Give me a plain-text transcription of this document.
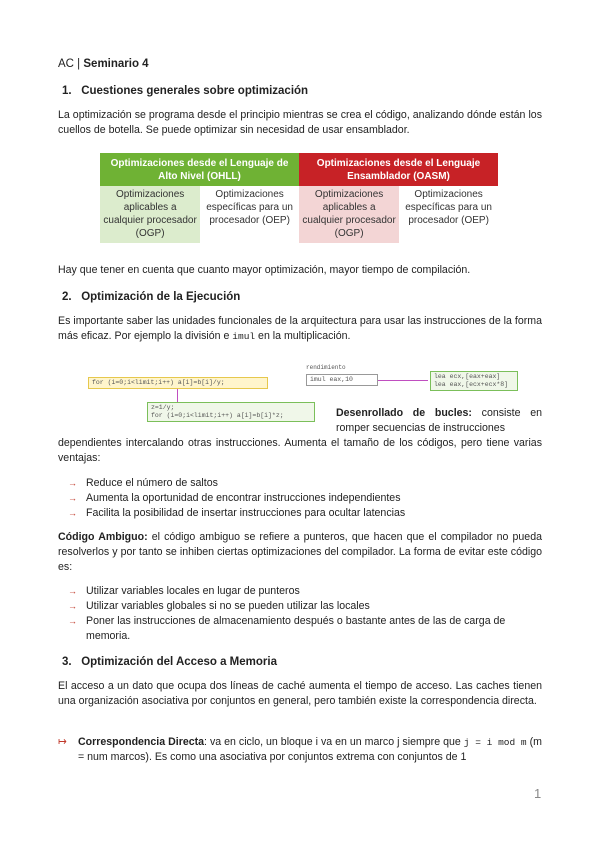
AC | Seminario 4
1. Cuestiones generales sobre optimización

La optimización se programa desde el principio mientras se crea el código, analizando dónde están los cuellos de botella. Se puede optimizar sin necesidad de usar ensamblador.

Optimizaciones desde el Lenguaje de Alto Nivel (OHLL)		Optimizaciones desde el Lenguaje Ensamblador (OASM)	
Optimizaciones aplicables a cualquier procesador (OGP)	Optimizaciones específicas para un procesador (OEP)	Optimizaciones aplicables a cualquier procesador (OGP)	Optimizaciones específicas para un procesador (OEP)

Hay que tener en cuenta que cuanto mayor optimización, mayor tiempo de compilación.

2. Optimización de la Ejecución

Es importante saber las unidades funcionales de la arquitectura para usar las instrucciones de la forma más eficaz. Por ejemplo la división e imul en la multiplicación.

for (i=0;i<limit;i++) a[i]=b[i]/y;
z=1/y;
for (i=0;i<limit;i++) a[i]=b[i]*z;
rendimiento
imul eax,10	lea ecx,[eax+eax]
lea eax,[ecx+ecx*8]

Desenrollado de bucles: consiste en romper secuencias de instrucciones

dependientes intercalando otras instrucciones. Aumenta el tamaño de los códigos, pero tiene varias ventajas:

→ Reduce el número de saltos
→ Aumenta la oportunidad de encontrar instrucciones independientes
→ Facilita la posibilidad de insertar instrucciones para ocultar latencias

Código Ambiguo: el código ambiguo se refiere a punteros, que hacen que el compilador no pueda resolverlos y por tanto se inhiben ciertas optimizaciones del compilador. La forma de evitar este código es:

→ Utilizar variables locales en lugar de punteros
→ Utilizar variables globales si no se pueden utilizar las locales
→ Poner las instrucciones de almacenamiento después o bastante antes de las de carga de memoria.
3. Optimización del Acceso a Memoria

El acceso a un dato que ocupa dos líneas de caché aumenta el tiempo de acceso. Las caches tienen una organización asociativa por conjuntos en general, pero también existe la correspondencia directa.

↦ Correspondencia Directa: va en ciclo, un bloque i va en un marco j siempre que j = i mod m (m = num marcos). Es como una asociativa por conjuntos extrema con conjuntos de 1
1
